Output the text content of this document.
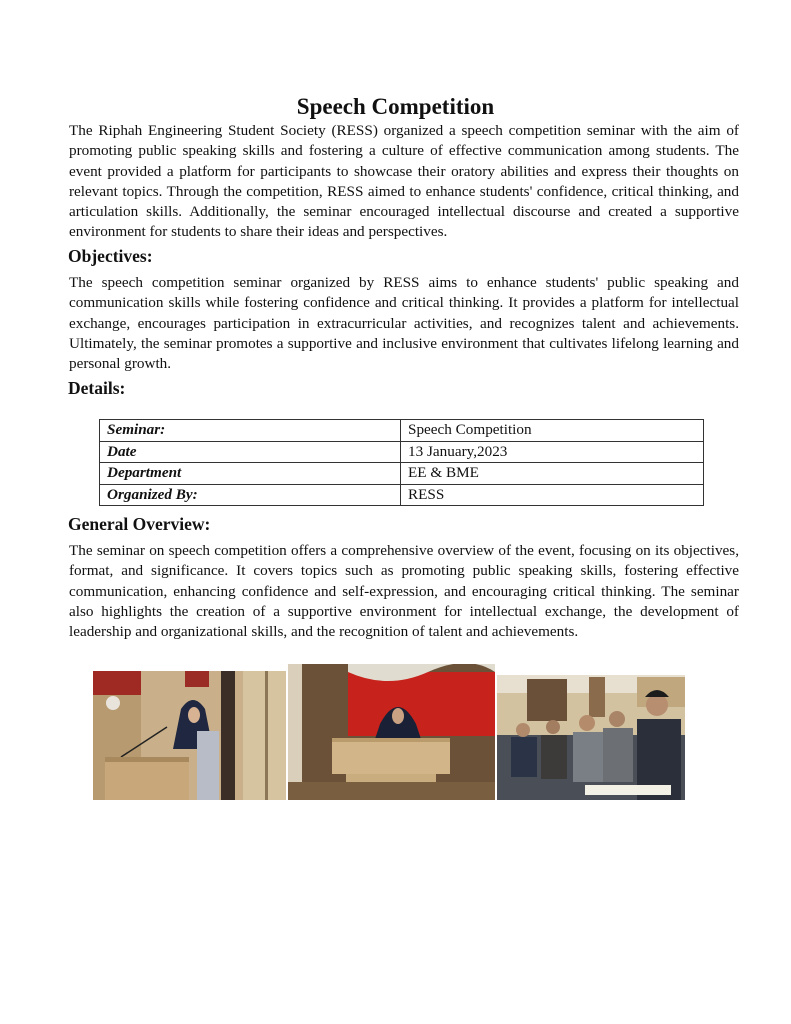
Speech Competition

The Riphah Engineering Student Society (RESS) organized a speech competition seminar with the aim of promoting public speaking skills and fostering a culture of effective communication among students. The event provided a platform for participants to showcase their oratory abilities and express their thoughts on relevant topics. Through the competition, RESS aimed to enhance students' confidence, critical thinking, and articulation skills. Additionally, the seminar encouraged intellectual discourse and created a supportive environment for students to share their ideas and perspectives.

Objectives:

The speech competition seminar organized by RESS aims to enhance students' public speaking and communication skills while fostering confidence and critical thinking. It provides a platform for intellectual exchange, encourages participation in extracurricular activities, and recognizes talent and achievements. Ultimately, the seminar promotes a supportive and inclusive environment that cultivates lifelong learning and personal growth.

Details:
Seminar:	Speech Competition
Date	13 January,2023
Department	EE & BME
Organized By:	RESS
General Overview:

The seminar on speech competition offers a comprehensive overview of the event, focusing on its objectives, format, and significance. It covers topics such as promoting public speaking skills, fostering effective communication, enhancing confidence and self-expression, and encouraging critical thinking. The seminar also highlights the creation of a supportive environment for intellectual exchange, the development of leadership and organizational skills, and the recognition of talent and achievements.
